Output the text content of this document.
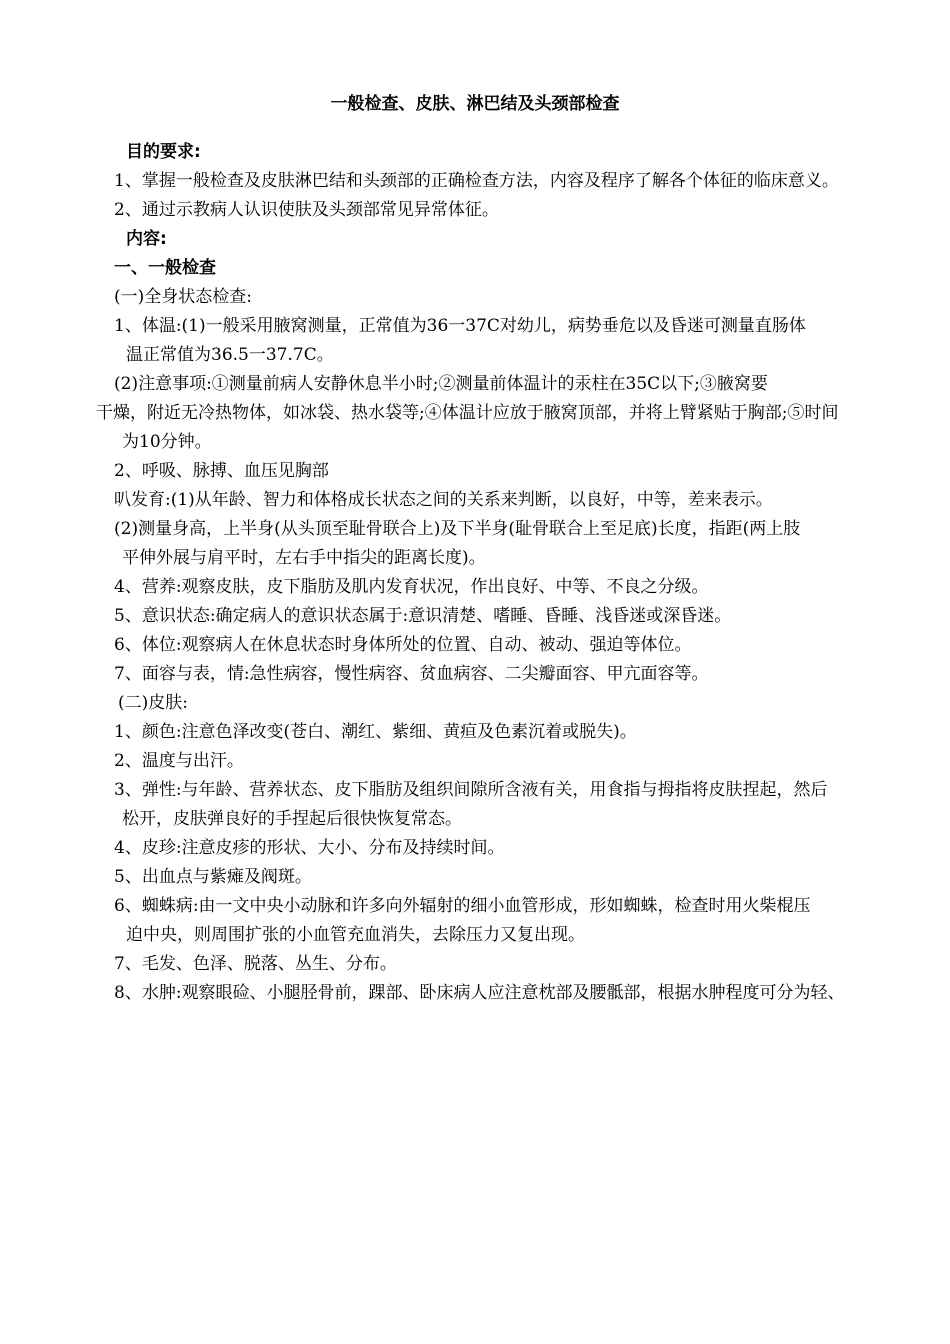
一般检查、皮肤、淋巴结及头颈部检查
目的要求:
1、掌握一般检查及皮肤淋巴结和头颈部的正确检查方法，内容及程序了解各个体征的临床意义。
2、通过示教病人认识使肤及头颈部常见异常体征。
内容:
一、一般检查
(一)全身状态检查:
1、体温:(1)一般采用腋窝测量，正常值为36一37C对幼儿，病势垂危以及昏迷可测量直肠体
温正常值为36.5一37.7C。
(2)注意事项:①测量前病人安静休息半小时;②测量前体温计的汞柱在35C以下;③腋窝要
干燥，附近无冷热物体，如冰袋、热水袋等;④体温计应放于腋窝顶部，并将上臂紧贴于胸部;⑤时间
为10分钟。
2、呼吸、脉搏、血压见胸部
叭发育:(1)从年龄、智力和体格成长状态之间的关系来判断，以良好，中等，差来表示。
(2)测量身高，上半身(从头顶至耻骨联合上)及下半身(耻骨联合上至足底)长度，指距(两上肢
平伸外展与肩平时，左右手中指尖的距离长度)。
4、营养:观察皮肤，皮下脂肪及肌内发育状况，作出良好、中等、不良之分级。
5、意识状态:确定病人的意识状态属于:意识清楚、嗜睡、昏睡、浅昏迷或深昏迷。
6、体位:观察病人在休息状态时身体所处的位置、自动、被动、强迫等体位。
7、面容与表，情:急性病容，慢性病容、贫血病容、二尖瓣面容、甲亢面容等。
(二)皮肤:
1、颜色:注意色泽改变(苍白、潮红、紫细、黄疸及色素沉着或脱失)。
2、温度与出汗。
3、弹性:与年龄、营养状态、皮下脂肪及组织间隙所含液有关，用食指与拇指将皮肤捏起，然后
松开，皮肤弹良好的手捏起后很快恢复常态。
4、皮珍:注意皮疹的形状、大小、分布及持续时间。
5、出血点与紫瘫及阀斑。
6、蜘蛛病:由一文中央小动脉和许多向外辐射的细小血管形成，形如蜘蛛，检查时用火柴棍压
迫中央，则周围扩张的小血管充血消失，去除压力又复出现。
7、毛发、色泽、脱落、丛生、分布。
8、水肿:观察眼硷、小腿胫骨前，踝部、卧床病人应注意枕部及腰骶部，根据水肿程度可分为轻、
